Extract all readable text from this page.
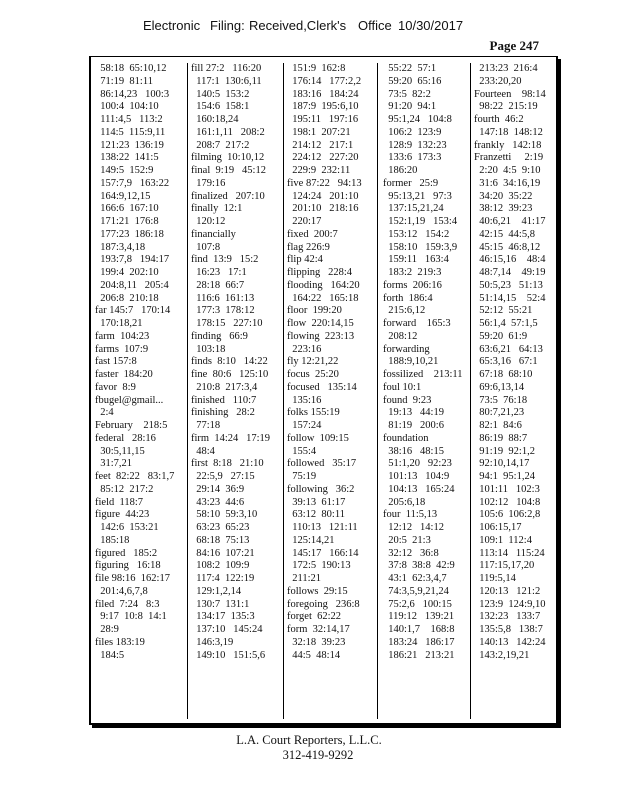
Electronic Filing: Received,Clerk's Office 10/30/2017
Page 247
58:18  65:10,12
71:19  81:11
86:14,23   100:3
100:4  104:10
111:4,5   113:2
114:5  115:9,11
121:23  136:19
138:22  141:5
149:5  152:9
157:7,9   163:22
164:9,12,15
166:6  167:10
171:21  176:8
177:23  186:18
187:3,4,18
193:7,8   194:17
199:4  202:10
204:8,11   205:4
206:8  210:18
far 145:7   170:14
170:18,21
farm  104:23
farms  107:9
fast 157:8
faster  184:20
favor  8:9
fbugel@gmail...
2:4
February    218:5
federal   28:16
30:5,11,15
31:7,21
feet  82:22   83:1,7
85:12  217:2
field  118:7
figure  44:23
142:6  153:21
185:18
figured   185:2
figuring   16:18
file 98:16  162:17
201:4,6,7,8
filed  7:24   8:3
9:17  10:8  14:1
28:9
files 183:19
184:5
fill 27:2   116:20
117:1  130:6,11
140:5  153:2
154:6  158:1
160:18,24
161:1,11   208:2
208:7  217:2
filming  10:10,12
final  9:19   45:12
179:16
finalized   207:10
finally  12:1
120:12
financially
107:8
find  13:9   15:2
16:23   17:1
28:18  66:7
116:6  161:13
177:3  178:12
178:15   227:10
finding   66:9
103:18
finds  8:10   14:22
fine  80:6   125:10
210:8  217:3,4
finished   110:7
finishing   28:2
77:18
firm  14:24   17:19
48:4
first  8:18   21:10
22:5,9   27:15
29:14  36:9
43:23  44:6
58:10  59:3,10
63:23  65:23
68:18  75:13
84:16  107:21
108:2  109:9
117:4  122:19
129:1,2,14
130:7  131:1
134:17  135:3
137:10   145:24
146:3,19
149:10   151:5,6
151:9  162:8
176:14   177:2,2
183:16   184:24
187:9  195:6,10
195:11   197:16
198:1  207:21
214:12   217:1
224:12   227:20
229:9  232:11
five 87:22   94:13
124:24   201:10
201:10   218:16
220:17
fixed  200:7
flag 226:9
flip 42:4
flipping   228:4
flooding   164:20
164:22   165:18
floor  199:20
flow  220:14,15
flowing  223:13
223:16
fly 12:21,22
focus  25:20
focused   135:14
135:16
folks 155:19
157:24
follow  109:15
155:4
followed   35:17
75:19
following   36:2
39:13  61:17
63:12  80:11
110:13   121:11
125:14,21
145:17   166:14
172:5  190:13
211:21
follows  29:15
foregoing   236:8
forget  62:22
form  32:14,17
32:18  39:23
44:5  48:14
55:22  57:1
59:20  65:16
73:5  82:2
91:20  94:1
95:1,24   104:8
106:2  123:9
128:9  132:23
133:6  173:3
186:20
former   25:9
95:13,21   97:3
137:15,21,24
152:1,19   153:4
153:12   154:2
158:10   159:3,9
159:11   163:4
183:2  219:3
forms  206:16
forth  186:4
215:6,12
forward    165:3
208:12
forwarding
188:9,10,21
fossilized    213:11
foul 10:1
found  9:23
19:13   44:19
81:19   200:6
foundation
38:16   48:15
51:1,20   92:23
101:13   104:9
104:13   165:24
205:6,18
four  11:5,13
12:12   14:12
20:5  21:3
32:12   36:8
37:8  38:8  42:9
43:1  62:3,4,7
74:3,5,9,21,24
75:2,6   100:15
119:12   139:21
140:1,7    168:8
183:24   186:17
186:21   213:21
213:23  216:4
233:20,20
Fourteen    98:14
98:22  215:19
fourth  46:2
147:18  148:12
frankly   142:18
Franzetti     2:19
2:20  4:5  9:10
31:6  34:16,19
34:20  35:22
38:12  39:23
40:6,21    41:17
42:15  44:5,8
45:15  46:8,12
46:15,16    48:4
48:7,14    49:19
50:5,23   51:13
51:14,15    52:4
52:12  55:21
56:1,4  57:1,5
59:20  61:9
63:6,21   64:13
65:3,16   67:1
67:18  68:10
69:6,13,14
73:5  76:18
80:7,21,23
82:1  84:6
86:19  88:7
91:19  92:1,2
92:10,14,17
94:1  95:1,24
101:11   102:3
102:12   104:8
105:6  106:2,8
106:15,17
109:1  112:4
113:14   115:24
117:15,17,20
119:5,14
120:13   121:2
123:9  124:9,10
132:23   133:7
135:5,8   138:7
140:13   142:24
143:2,19,21
L.A. Court Reporters, L.L.C.
312-419-9292
